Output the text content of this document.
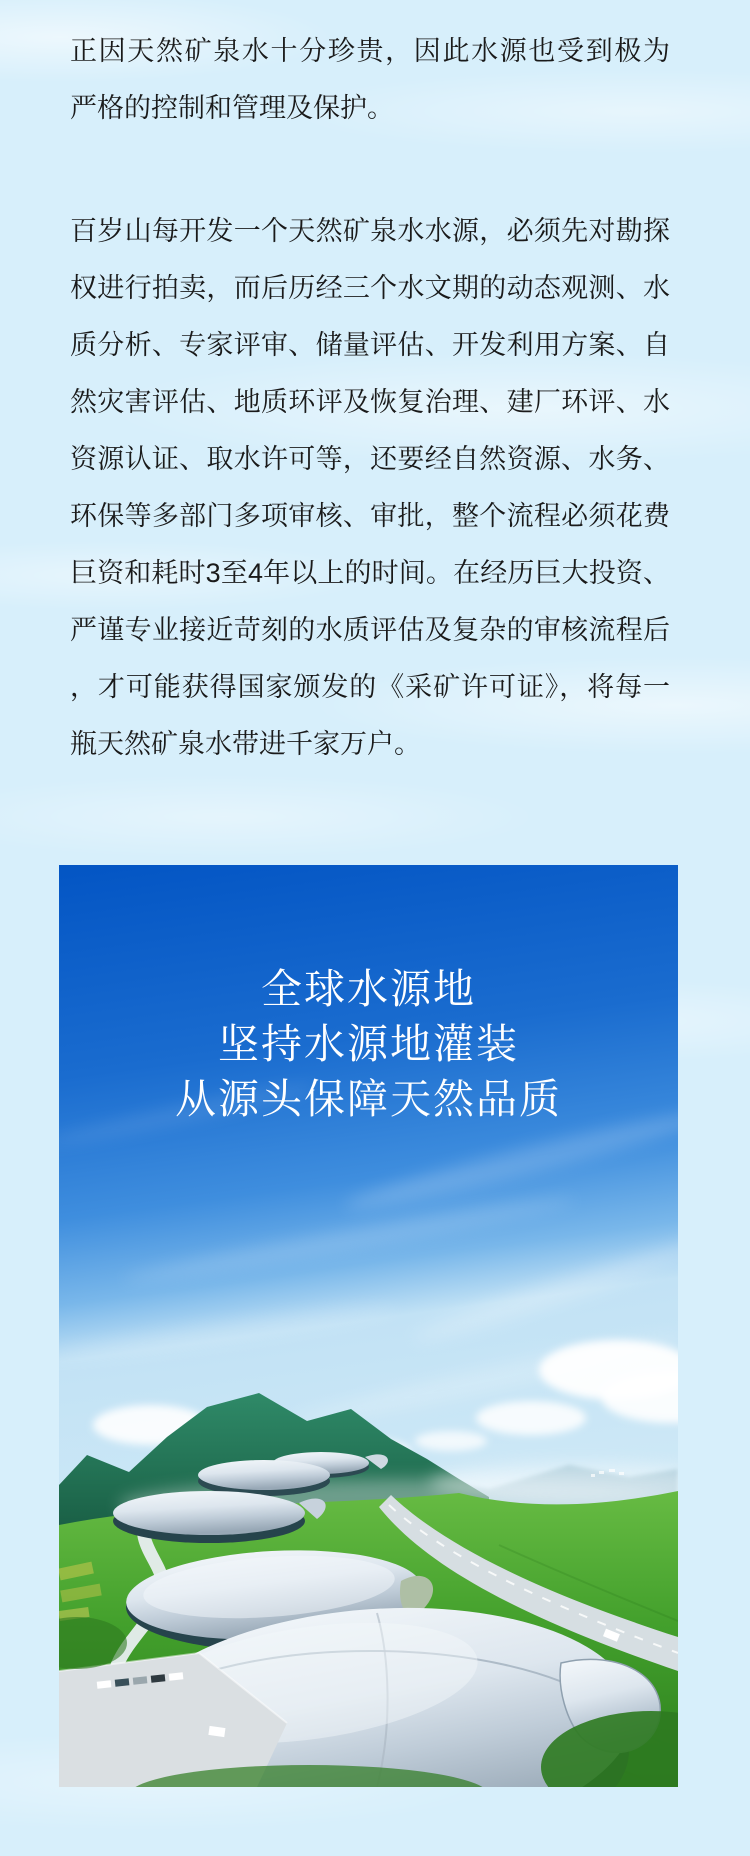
正因天然矿泉水十分珍贵，因此水源也受到极为
严格的控制和管理及保护。

百岁山每开发一个天然矿泉水水源，必须先对勘探
权进行拍卖，而后历经三个水文期的动态观测、水
质分析、专家评审、储量评估、开发利用方案、自
然灾害评估、地质环评及恢复治理、建厂环评、水
资源认证、取水许可等，还要经自然资源、水务、
环保等多部门多项审核、审批，整个流程必须花费
巨资和耗时3至4年以上的时间。在经历巨大投资、
严谨专业接近苛刻的水质评估及复杂的审核流程后
，才可能获得国家颁发的《采矿许可证》，将每一
瓶天然矿泉水带进千家万户。

全球水源地
坚持水源地灌装
从源头保障天然品质
